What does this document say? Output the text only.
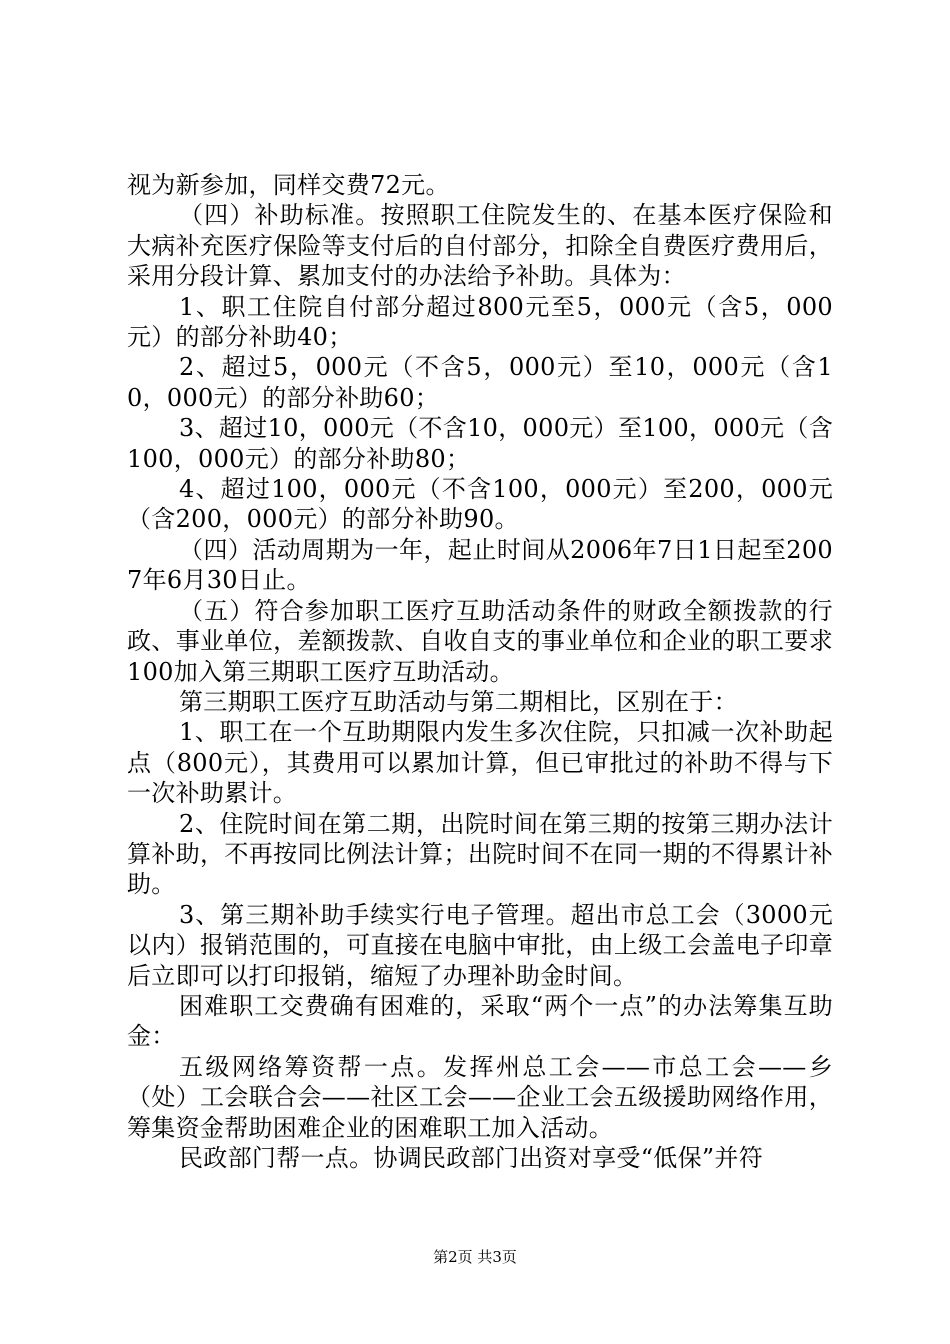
视为新参加，同样交费72元。

（四）补助标准。按照职工住院发生的、在基本医疗保险和大病补充医疗保险等支付后的自付部分，扣除全自费医疗费用后，采用分段计算、累加支付的办法给予补助。具体为：

1、职工住院自付部分超过800元至5，000元（含5，000元）的部分补助40；

2、超过5，000元（不含5，000元）至10，000元（含10，000元）的部分补助60；

3、超过10，000元（不含10，000元）至100，000元（含100，000元）的部分补助80；

4、超过100，000元（不含100，000元）至200，000元（含200，000元）的部分补助90。

（四）活动周期为一年，起止时间从2006年7日1日起至2007年6月30日止。

（五）符合参加职工医疗互助活动条件的财政全额拨款的行政、事业单位，差额拨款、自收自支的事业单位和企业的职工要求100加入第三期职工医疗互助活动。

第三期职工医疗互助活动与第二期相比，区别在于：

1、职工在一个互助期限内发生多次住院，只扣减一次补助起点（800元），其费用可以累加计算，但已审批过的补助不得与下一次补助累计。

2、住院时间在第二期，出院时间在第三期的按第三期办法计算补助，不再按同比例法计算；出院时间不在同一期的不得累计补助。

3、第三期补助手续实行电子管理。超出市总工会（3000元以内）报销范围的，可直接在电脑中审批，由上级工会盖电子印章后立即可以打印报销，缩短了办理补助金时间。

困难职工交费确有困难的，采取“两个一点”的办法筹集互助金：

五级网络筹资帮一点。发挥州总工会——市总工会——乡（处）工会联合会——社区工会——企业工会五级援助网络作用，筹集资金帮助困难企业的困难职工加入活动。

民政部门帮一点。协调民政部门出资对享受“低保”并符

第2页 共3页
